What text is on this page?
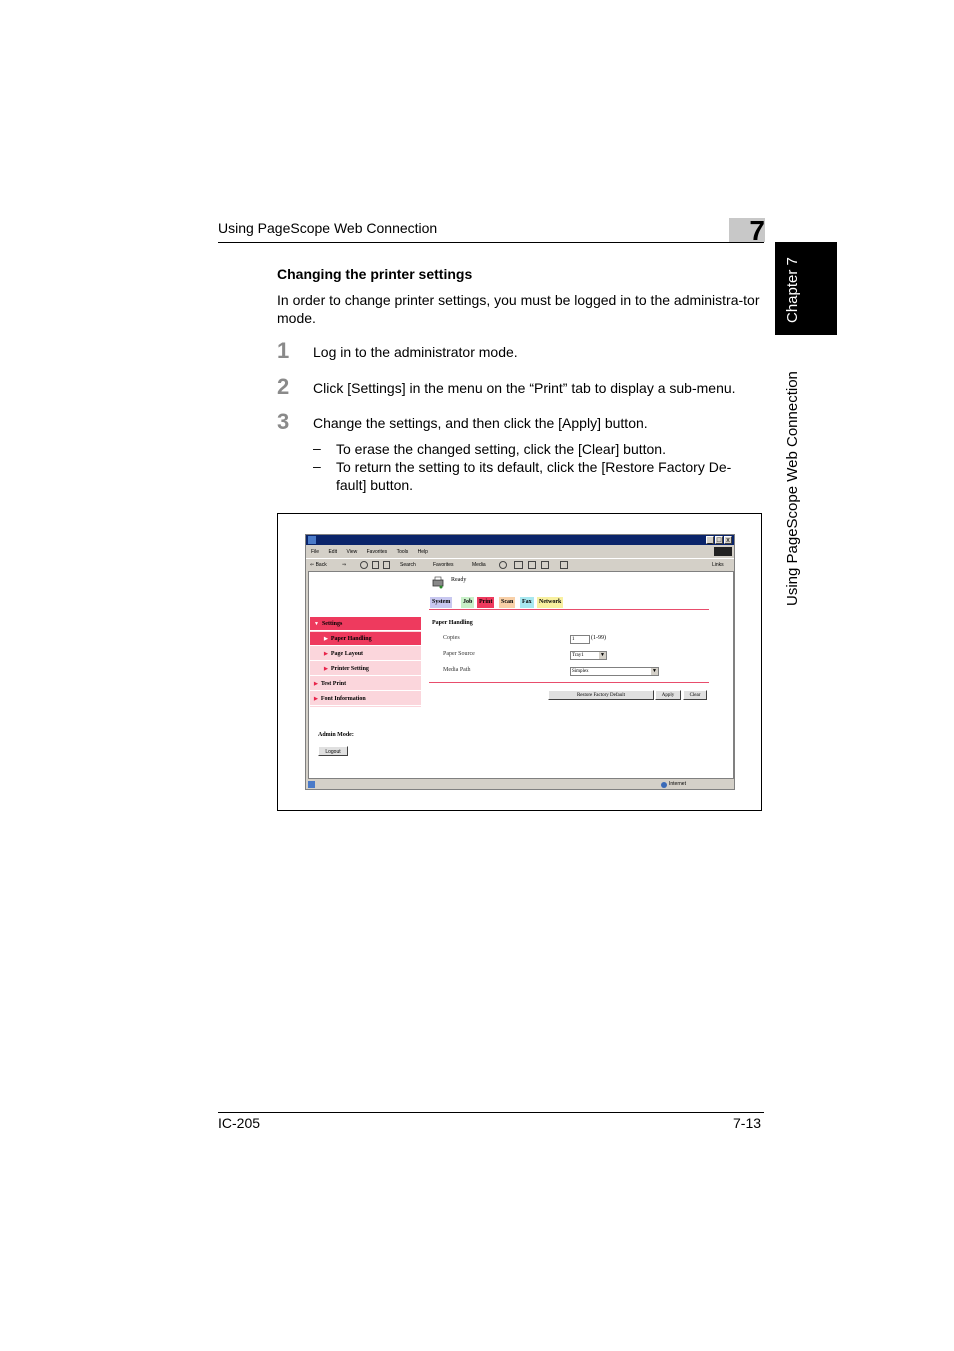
Using PageScope Web Connection	7
Chapter 7
Using PageScope Web Connection
Changing the printer settings
In order to change printer settings, you must be logged in to the administra-tor mode.
1 Log in to the administrator mode.
2 Click [Settings] in the menu on the “Print” tab to display a sub-menu.
3 Change the settings, and then click the [Apply] button.
– To erase the changed setting, click the [Clear] button.
– To return the setting to its default, click the [Restore Factory De-fault] button.
_ □ x
File Edit View Favorites Tools Help
⇐ Back	⇒	Search	Favorites	Media	Links
Ready
System	Job	Print	Scan	Fax	Network
▼ Settings
▶ Paper Handling
▶ Page Layout
▶ Printer Setting
▶ Test Print
▶ Font Information
Paper Handling
Copies	1	(1-99)
Paper Source	Tray1	▼
Media Path	Simplex	▼
Restore Factory Default	Apply	Clear
Admin Mode:
Logout
Internet
IC-205	7-13
